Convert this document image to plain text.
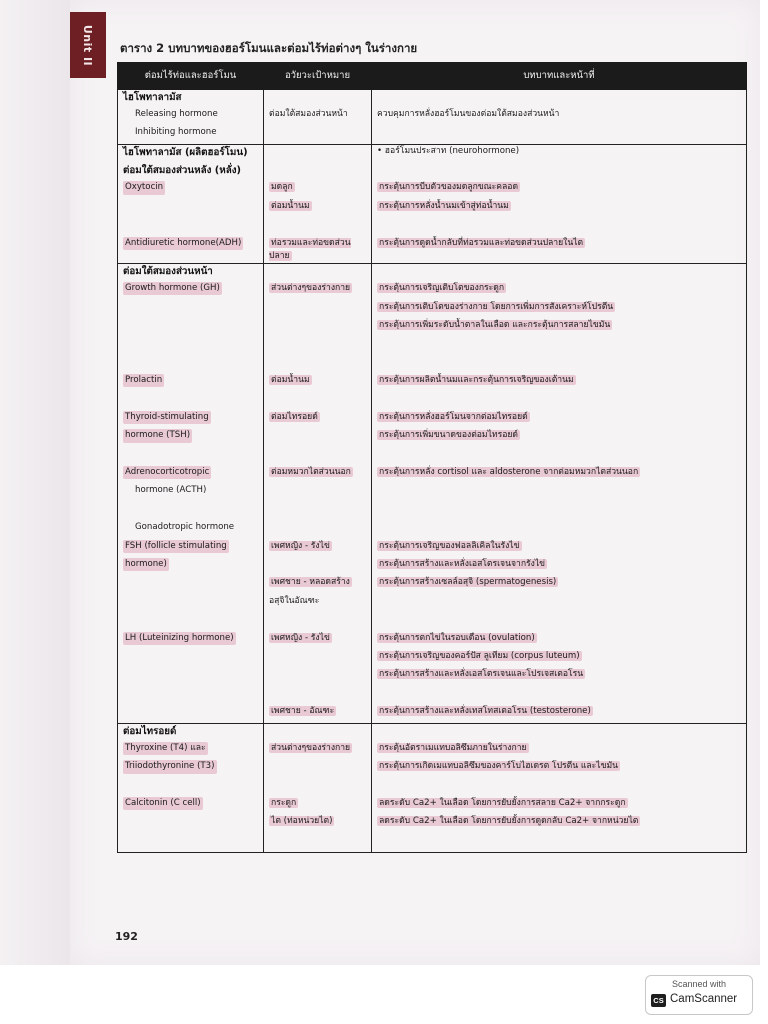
Unit II ตาราง 2 บทบาทของฮอร์โมนและต่อมไร้ท่อต่างๆ ในร่างกาย
ต่อมไร้ท่อและฮอร์โมน	อวัยวะเป้าหมาย	บทบาทและหน้าที่
ไฮโพทาลามัส		
Releasing hormone	ต่อมใต้สมองส่วนหน้า	ควบคุมการหลั่งฮอร์โมนของต่อมใต้สมองส่วนหน้า
Inhibiting hormone		
ไฮโพทาลามัส (ผลิตฮอร์โมน)		• ฮอร์โมนประสาท (neurohormone)
ต่อมใต้สมองส่วนหลัง (หลั่ง)		
Oxytocin	มดลูก	กระตุ้นการบีบตัวของมดลูกขณะคลอด
	ต่อมน้ำนม	กระตุ้นการหลั่งน้ำนมเข้าสู่ท่อน้ำนม

Antidiuretic hormone(ADH)	ท่อรวมและท่อขดส่วนปลาย	กระตุ้นการดูดน้ำกลับที่ท่อรวมและท่อขดส่วนปลายในไต
ต่อมใต้สมองส่วนหน้า		
Growth hormone (GH)	ส่วนต่างๆของร่างกาย	กระตุ้นการเจริญเติบโตของกระดูก
		กระตุ้นการเติบโตของร่างกาย โดยการเพิ่มการสังเคราะห์โปรตีน
		กระตุ้นการเพิ่มระดับน้ำตาลในเลือด และกระตุ้นการสลายไขมัน

Prolactin	ต่อมน้ำนม	กระตุ้นการผลิตน้ำนมและกระตุ้นการเจริญของเต้านม

Thyroid-stimulating	ต่อมไทรอยด์	กระตุ้นการหลั่งฮอร์โมนจากต่อมไทรอยด์
hormone (TSH)		กระตุ้นการเพิ่มขนาดของต่อมไทรอยด์

Adrenocorticotropic	ต่อมหมวกไตส่วนนอก	กระตุ้นการหลั่ง cortisol และ aldosterone จากต่อมหมวกไตส่วนนอก
hormone (ACTH)		

Gonadotropic hormone		
FSH (follicle stimulating	เพศหญิง - รังไข่	กระตุ้นการเจริญของฟอลลิเคิลในรังไข่
hormone)		กระตุ้นการสร้างและหลั่งเอสโตรเจนจากรังไข่
	เพศชาย - หลอดสร้าง	กระตุ้นการสร้างเซลล์อสุจิ (spermatogenesis)
	อสุจิในอัณฑะ	

LH (Luteinizing hormone)	เพศหญิง - รังไข่	กระตุ้นการตกไข่ในรอบเดือน (ovulation)
		กระตุ้นการเจริญของคอร์ปัส ลูเทียม (corpus luteum)
		กระตุ้นการสร้างและหลั่งเอสโตรเจนและโปรเจสเตอโรน

	เพศชาย - อัณฑะ	กระตุ้นการสร้างและหลั่งเทสโทสเตอโรน (testosterone)
ต่อมไทรอยด์		
Thyroxine (T4) และ	ส่วนต่างๆของร่างกาย	กระตุ้นอัตราเมแทบอลิซึมภายในร่างกาย
Triiodothyronine (T3)		กระตุ้นการเกิดเมแทบอลิซึมของคาร์โบไฮเดรต โปรตีน และไขมัน

Calcitonin (C cell)	กระดูก	ลดระดับ Ca2+ ในเลือด โดยการยับยั้งการสลาย Ca2+ จากกระดูก
	ไต (ท่อหน่วยไต)	ลดระดับ Ca2+ ในเลือด โดยการยับยั้งการดูดกลับ Ca2+ จากหน่วยไต

192
Scanned with
CS CamScanner
